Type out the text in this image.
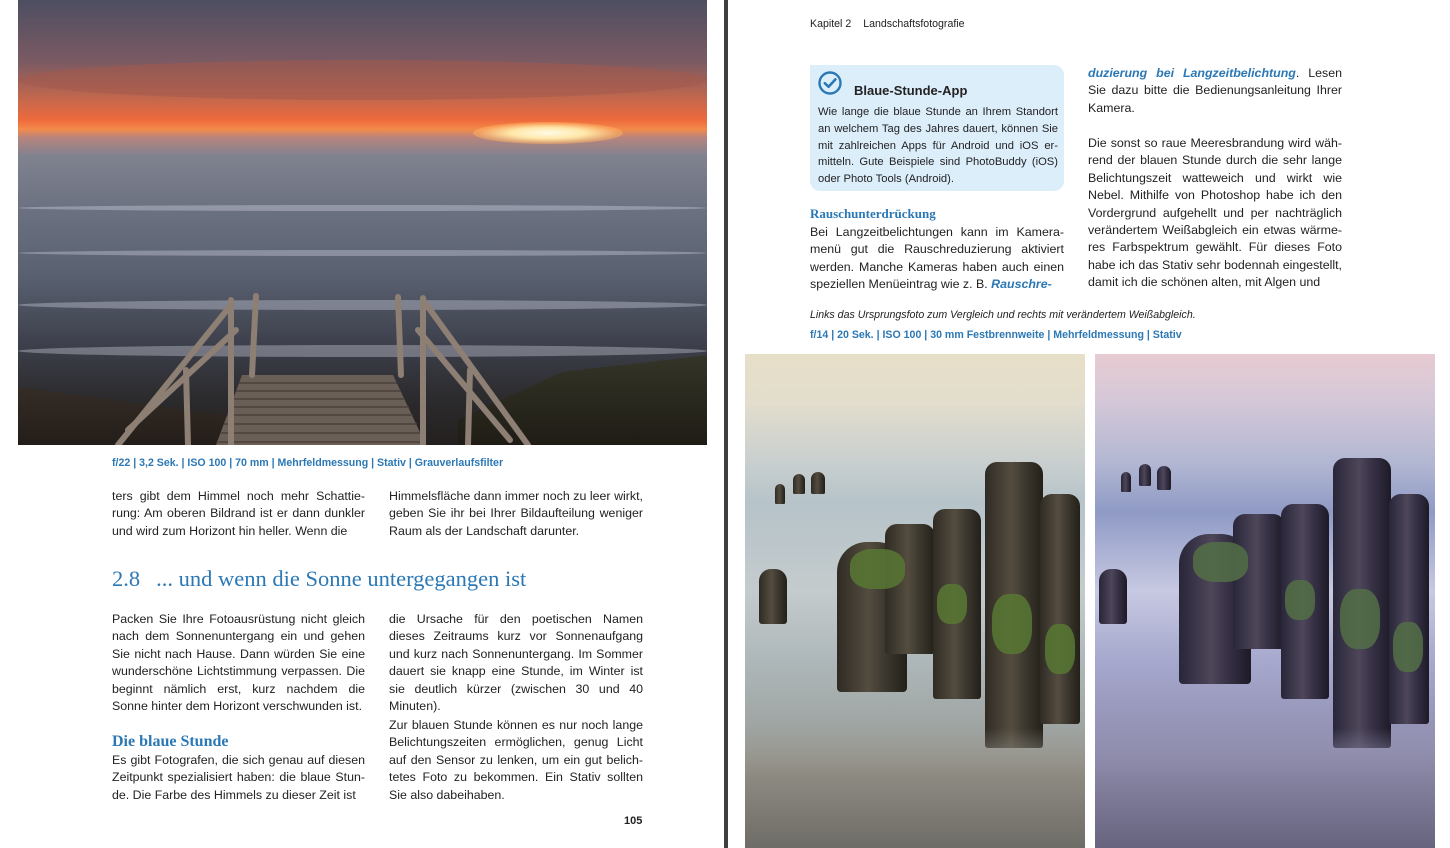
f/22 | 3,2 Sek. | ISO 100 | 70 mm | Mehrfeldmessung | Stativ | Grauverlaufsfilter
ters gibt dem Himmel noch mehr Schattierung: Am oberen Bildrand ist er dann dunkler und wird zum Horizont hin heller. Wenn die
Himmelsfläche dann immer noch zu leer wirkt, geben Sie ihr bei Ihrer Bildaufteilung weniger Raum als der Landschaft darunter.
2.8 ... und wenn die Sonne untergegangen ist
Packen Sie Ihre Fotoausrüstung nicht gleich nach dem Sonnenuntergang ein und gehen Sie nicht nach Hause. Dann würden Sie eine wunderschöne Lichtstimmung verpassen. Die beginnt nämlich erst, kurz nachdem die Sonne hinter dem Horizont verschwunden ist.
Die blaue Stunde
Es gibt Fotografen, die sich genau auf diesen Zeitpunkt spezialisiert haben: die blaue Stunde. Die Farbe des Himmels zu dieser Zeit ist
die Ursache für den poetischen Namen dieses Zeitraums kurz vor Sonnenaufgang und kurz nach Sonnenuntergang. Im Sommer dauert sie knapp eine Stunde, im Winter ist sie deutlich kürzer (zwischen 30 und 40 Minuten).
Zur blauen Stunde können es nur noch lange Belichtungszeiten ermöglichen, genug Licht auf den Sensor zu lenken, um ein gut belichtetes Foto zu bekommen. Ein Stativ sollten Sie also dabeihaben.
105
Kapitel 2 Landschaftsfotografie
Blaue-Stunde-App
Wie lange die blaue Stunde an Ihrem Standort an welchem Tag des Jahres dauert, können Sie mit zahlreichen Apps für Android und iOS ermitteln. Gute Beispiele sind PhotoBuddy (iOS) oder Photo Tools (Android).
Rauschunterdrückung
Bei Langzeitbelichtungen kann im Kameramenü gut die Rauschreduzierung aktiviert werden. Manche Kameras haben auch einen speziellen Menüeintrag wie z. B. Rauschre-
duzierung bei Langzeitbelichtung. Lesen Sie dazu bitte die Bedienungsanleitung Ihrer Kamera.
Die sonst so raue Meeresbrandung wird während der blauen Stunde durch die sehr lange Belichtungszeit watteweich und wirkt wie Nebel. Mithilfe von Photoshop habe ich den Vordergrund aufgehellt und per nachträglich verändertem Weißabgleich ein etwas wärmeres Farbspektrum gewählt. Für dieses Foto habe ich das Stativ sehr bodennah eingestellt, damit ich die schönen alten, mit Algen und
Links das Ursprungsfoto zum Vergleich und rechts mit verändertem Weißabgleich.
f/14 | 20 Sek. | ISO 100 | 30 mm Festbrennweite | Mehrfeldmessung | Stativ
